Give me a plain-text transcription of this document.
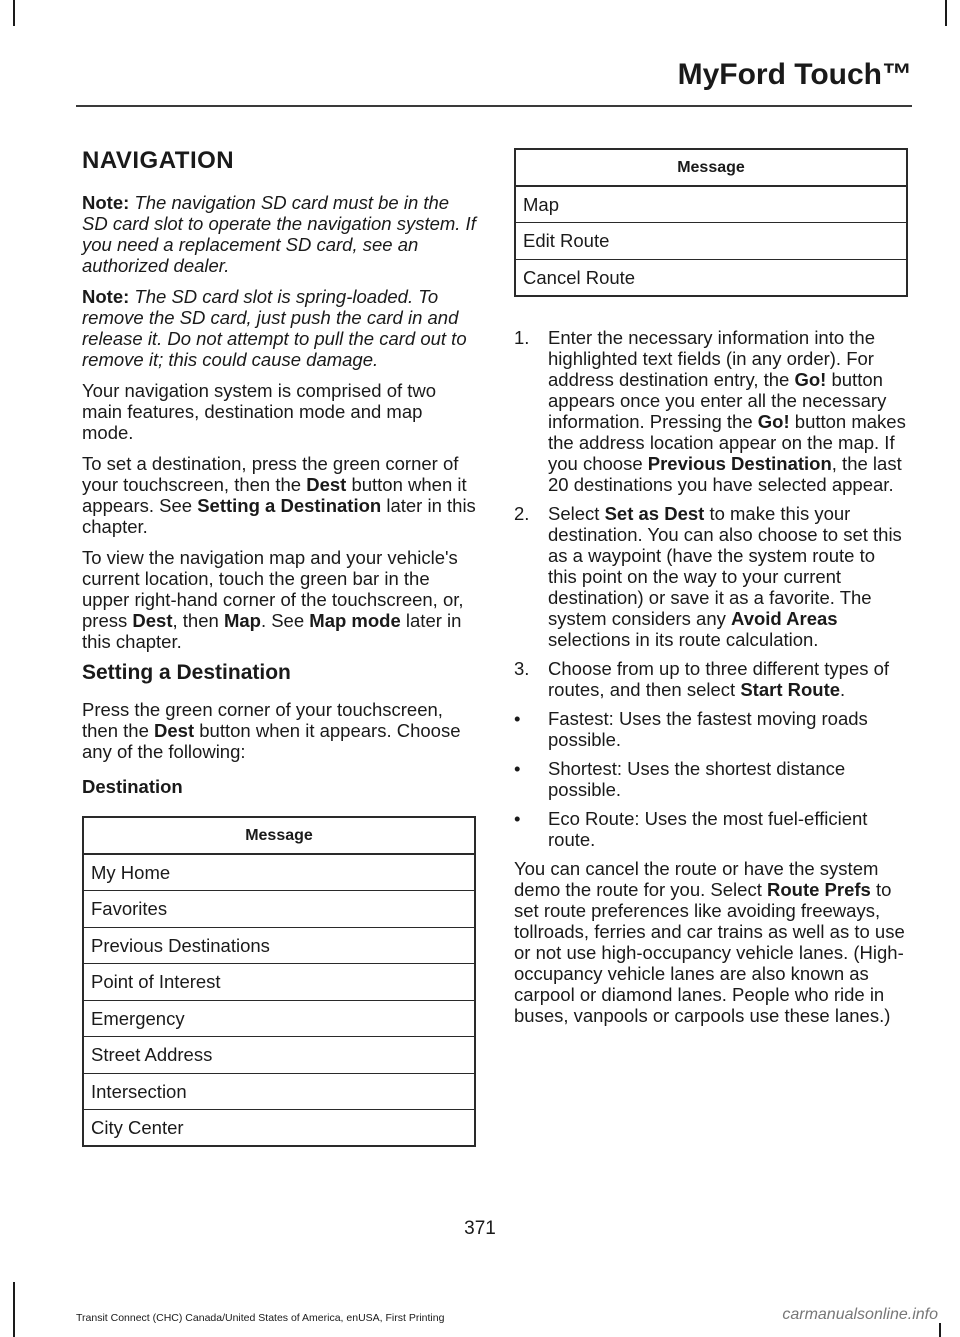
MyFord Touch™
NAVIGATION

Note: The navigation SD card must be in the SD card slot to operate the navigation system. If you need a replacement SD card, see an authorized dealer.

Note: The SD card slot is spring-loaded. To remove the SD card, just push the card in and release it. Do not attempt to pull the card out to remove it; this could cause damage.

Your navigation system is comprised of two main features, destination mode and map mode.

To set a destination, press the green corner of your touchscreen, then the Dest button when it appears. See Setting a Destination later in this chapter.

To view the navigation map and your vehicle's current location, touch the green bar in the upper right-hand corner of the touchscreen, or, press Dest, then Map. See Map mode later in this chapter.

Setting a Destination

Press the green corner of your touchscreen, then the Dest button when it appears. Choose any of the following:

Destination

Message
My Home
Favorites
Previous Destinations
Point of Interest
Emergency
Street Address
Intersection
City Center
Message
Map
Edit Route
Cancel Route
1. Enter the necessary information into the highlighted text fields (in any order). For address destination entry, the Go! button appears once you enter all the necessary information. Pressing the Go! button makes the address location appear on the map. If you choose Previous Destination, the last 20 destinations you have selected appear.
2. Select Set as Dest to make this your destination. You can also choose to set this as a waypoint (have the system route to this point on the way to your current destination) or save it as a favorite. The system considers any Avoid Areas selections in its route calculation.
3. Choose from up to three different types of routes, and then select Start Route.
• Fastest: Uses the fastest moving roads possible.
• Shortest: Uses the shortest distance possible.
• Eco Route: Uses the most fuel-efficient route.

You can cancel the route or have the system demo the route for you. Select Route Prefs to set route preferences like avoiding freeways, tollroads, ferries and car trains as well as to use or not use high-occupancy vehicle lanes. (High-occupancy vehicle lanes are also known as carpool or diamond lanes. People who ride in buses, vanpools or carpools use these lanes.)

371
Transit Connect (CHC) Canada/United States of America, enUSA, First Printing	carmanualsonline.info
